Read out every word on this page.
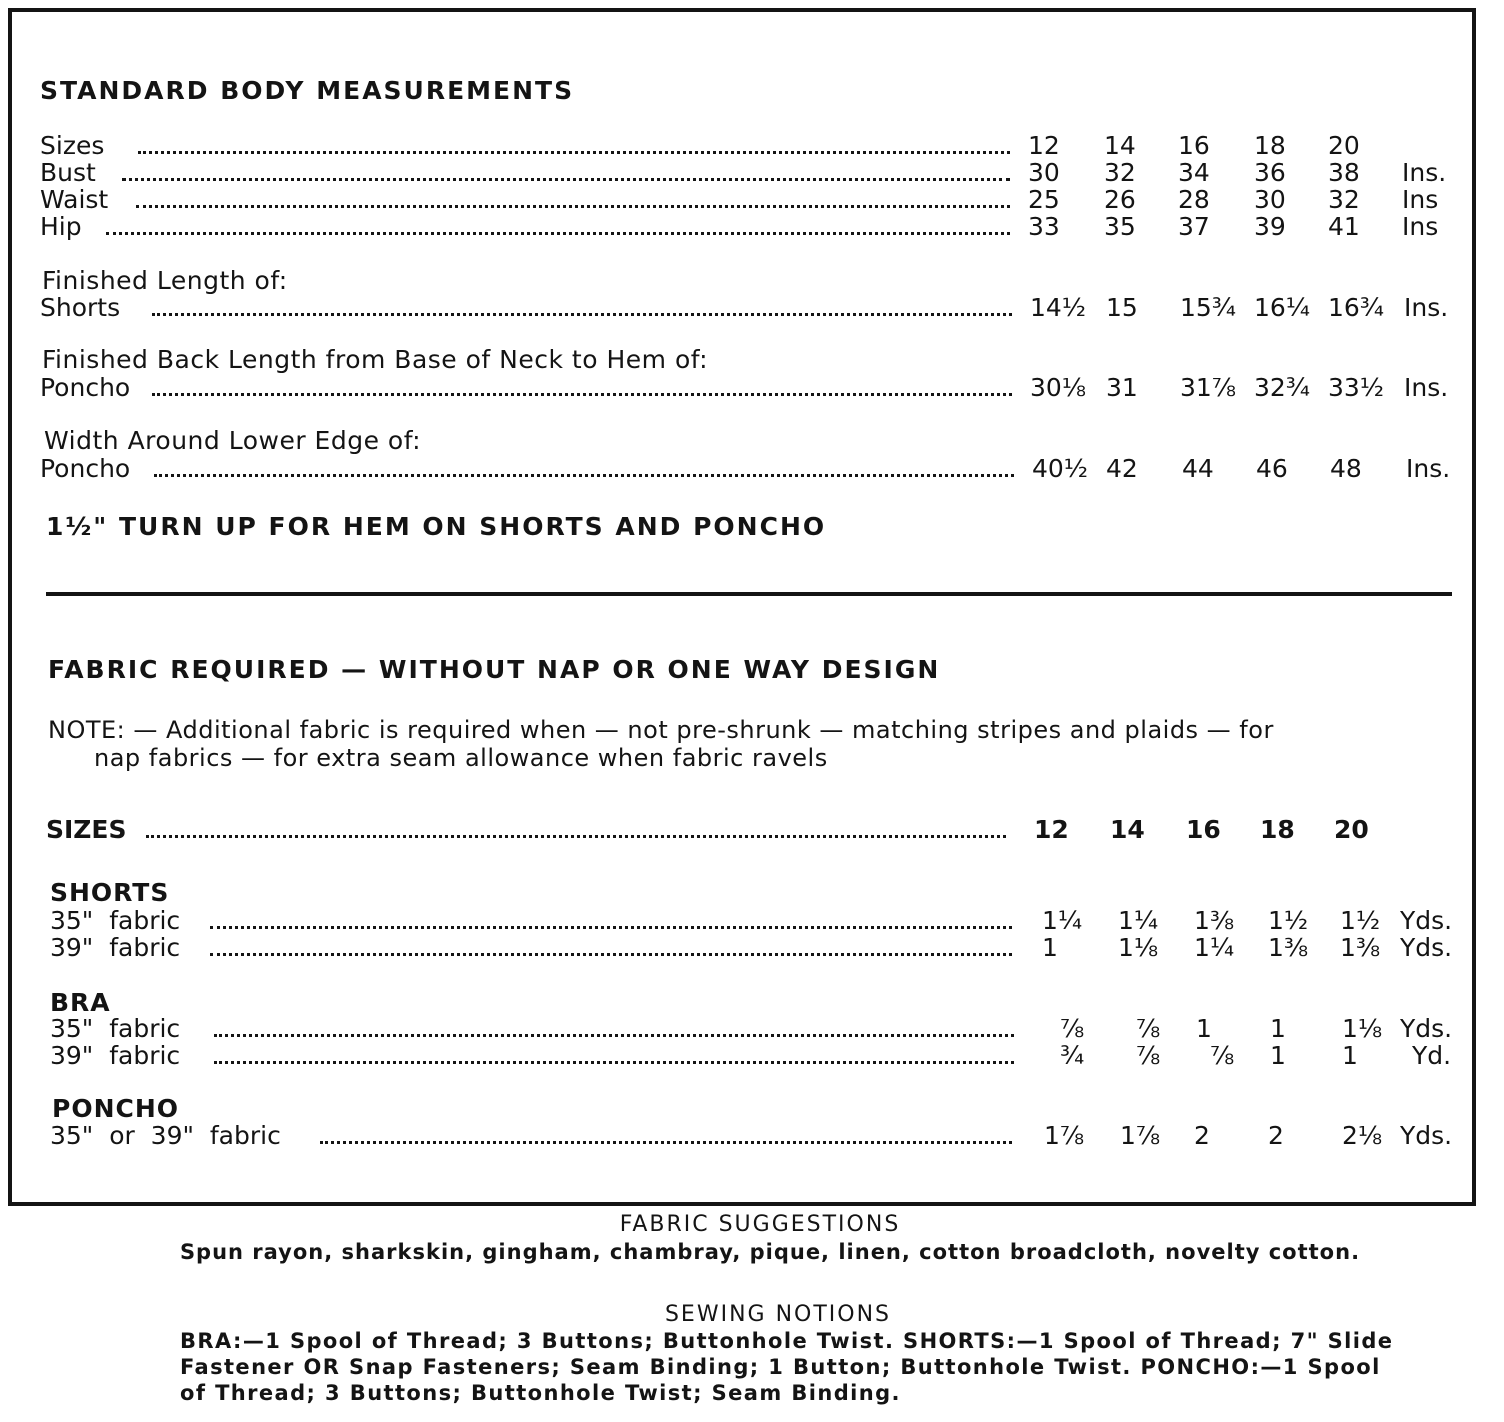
STANDARD BODY MEASUREMENTS
Sizes	12 14 16 18 20
Bust	30 32 34 36 38 Ins.
Waist	25 26 28 30 32 Ins
Hip	33 35 37 39 41 Ins
Finished Length of:
Shorts	14½ 15 15¾ 16¼ 16¾ Ins.
Finished Back Length from Base of Neck to Hem of:
Poncho	30⅛ 31 31⅞ 32¾ 33½ Ins.
Width Around Lower Edge of:
Poncho	40½ 42 44 46 48 Ins.
1½" TURN UP FOR HEM ON SHORTS AND PONCHO
FABRIC REQUIRED — WITHOUT NAP OR ONE WAY DESIGN
NOTE: — Additional fabric is required when — not pre-shrunk — matching stripes and plaids — for
nap fabrics — for extra seam allowance when fabric ravels
SIZES	12 14 16 18 20
SHORTS
35"  fabric	1¼ 1¼ 1⅜ 1½ 1½ Yds.
39"  fabric	1 1⅛ 1¼ 1⅜ 1⅜ Yds.
BRA
35"  fabric	⅞ ⅞ 1 1 1⅛ Yds.
39"  fabric	¾ ⅞ ⅞ 1 1 Yd.
PONCHO
35"  or  39"  fabric	1⅞ 1⅞ 2 2 2⅛ Yds.
FABRIC SUGGESTIONS
Spun rayon, sharkskin, gingham, chambray, pique, linen, cotton broadcloth, novelty cotton.
SEWING NOTIONS
BRA:—1 Spool of Thread; 3 Buttons; Buttonhole Twist. SHORTS:—1 Spool of Thread; 7" Slide Fastener OR Snap Fasteners; Seam Binding; 1 Button; Buttonhole Twist. PONCHO:—1 Spool of Thread; 3 Buttons; Buttonhole Twist; Seam Binding.
